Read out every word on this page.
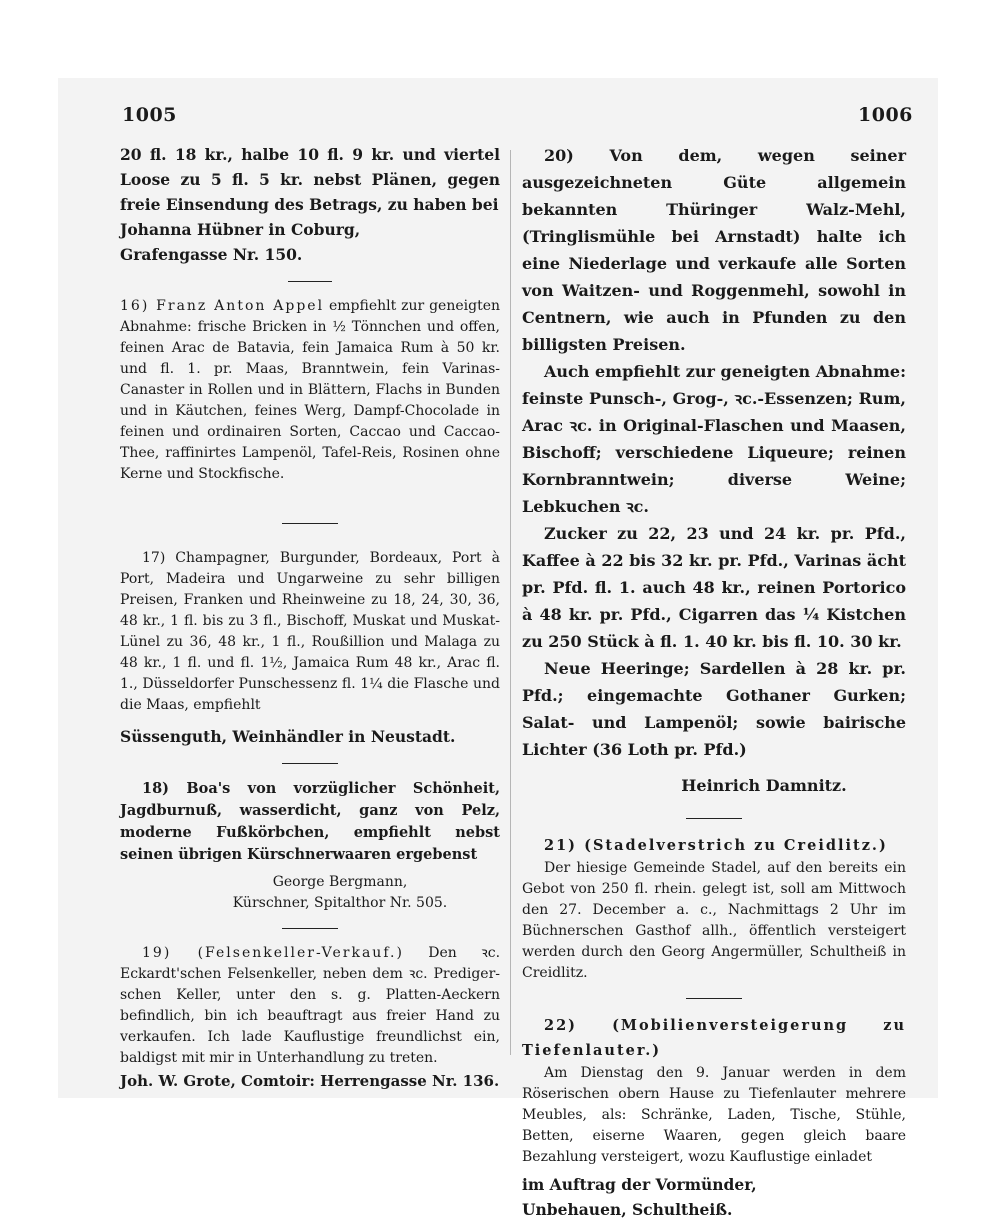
1005	1006

20 fl. 18 kr., halbe 10 fl. 9 kr. und viertel Loose zu 5 fl. 5 kr. nebst Plänen, gegen freie Einsendung des Betrags, zu haben bei

Johanna Hübner in Coburg,

Grafengasse Nr. 150.

16) Franz Anton Appel empfiehlt zur geneigten Abnahme: frische Bricken in ½ Tönnchen und offen, feinen Arac de Batavia, fein Jamaica Rum à 50 kr. und fl. 1. pr. Maas, Branntwein, fein Varinas-Canaster in Rollen und in Blättern, Flachs in Bunden und in Käutchen, feines Werg, Dampf-Chocolade in feinen und ordinairen Sorten, Caccao und Caccao-Thee, raffinirtes Lampenöl, Tafel-Reis, Rosinen ohne Kerne und Stockfische.

17) Champagner, Burgunder, Bordeaux, Port à Port, Madeira und Ungarweine zu sehr billigen Preisen, Franken und Rheinweine zu 18, 24, 30, 36, 48 kr., 1 fl. bis zu 3 fl., Bischoff, Muskat und Muskat-Lünel zu 36, 48 kr., 1 fl., Roußillion und Malaga zu 48 kr., 1 fl. und fl. 1½, Jamaica Rum 48 kr., Arac fl. 1., Düsseldorfer Punschessenz fl. 1¼ die Flasche und die Maas, empfiehlt

Süssenguth, Weinhändler in Neustadt.

18) Boa's von vorzüglicher Schönheit, Jagdburnuß, wasserdicht, ganz von Pelz, moderne Fußkörbchen, empfiehlt nebst seinen übrigen Kürschnerwaaren ergebenst

George Bergmann,

Kürschner, Spitalthor Nr. 505.

19) (Felsenkeller-Verkauf.) Den ꝛc. Eckardt'schen Felsenkeller, neben dem ꝛc. Prediger-schen Keller, unter den s. g. Platten-Aeckern befindlich, bin ich beauftragt aus freier Hand zu verkaufen. Ich lade Kauflustige freundlichst ein, baldigst mit mir in Unterhandlung zu treten.

Joh. W. Grote, Comtoir: Herrengasse Nr. 136.

20) Von dem, wegen seiner ausgezeichneten Güte allgemein bekannten Thüringer Walz-Mehl, (Tringlismühle bei Arnstadt) halte ich eine Niederlage und verkaufe alle Sorten von Waitzen- und Roggenmehl, sowohl in Centnern, wie auch in Pfunden zu den billigsten Preisen.

Auch empfiehlt zur geneigten Abnahme: feinste Punsch-, Grog-, ꝛc.-Essenzen; Rum, Arac ꝛc. in Original-Flaschen und Maasen, Bischoff; verschiedene Liqueure; reinen Kornbranntwein; diverse Weine; Lebkuchen ꝛc.

Zucker zu 22, 23 und 24 kr. pr. Pfd., Kaffee à 22 bis 32 kr. pr. Pfd., Varinas ächt pr. Pfd. fl. 1. auch 48 kr., reinen Portorico à 48 kr. pr. Pfd., Cigarren das ¼ Kistchen zu 250 Stück à fl. 1. 40 kr. bis fl. 10. 30 kr.

Neue Heeringe; Sardellen à 28 kr. pr. Pfd.; eingemachte Gothaner Gurken; Salat- und Lampenöl; sowie bairische Lichter (36 Loth pr. Pfd.)

Heinrich Damnitz.

21) (Stadelverstrich zu Creidlitz.)

Der hiesige Gemeinde Stadel, auf den bereits ein Gebot von 250 fl. rhein. gelegt ist, soll am Mittwoch den 27. December a. c., Nachmittags 2 Uhr im Büchnerschen Gasthof allh., öffentlich versteigert werden durch den Georg Angermüller, Schultheiß in Creidlitz.

22) (Mobilienversteigerung zu Tiefenlauter.)

Am Dienstag den 9. Januar werden in dem Röserischen obern Hause zu Tiefenlauter mehrere Meubles, als: Schränke, Laden, Tische, Stühle, Betten, eiserne Waaren, gegen gleich baare Bezahlung versteigert, wozu Kauflustige einladet

im Auftrag der Vormünder,

Unbehauen, Schultheiß.
